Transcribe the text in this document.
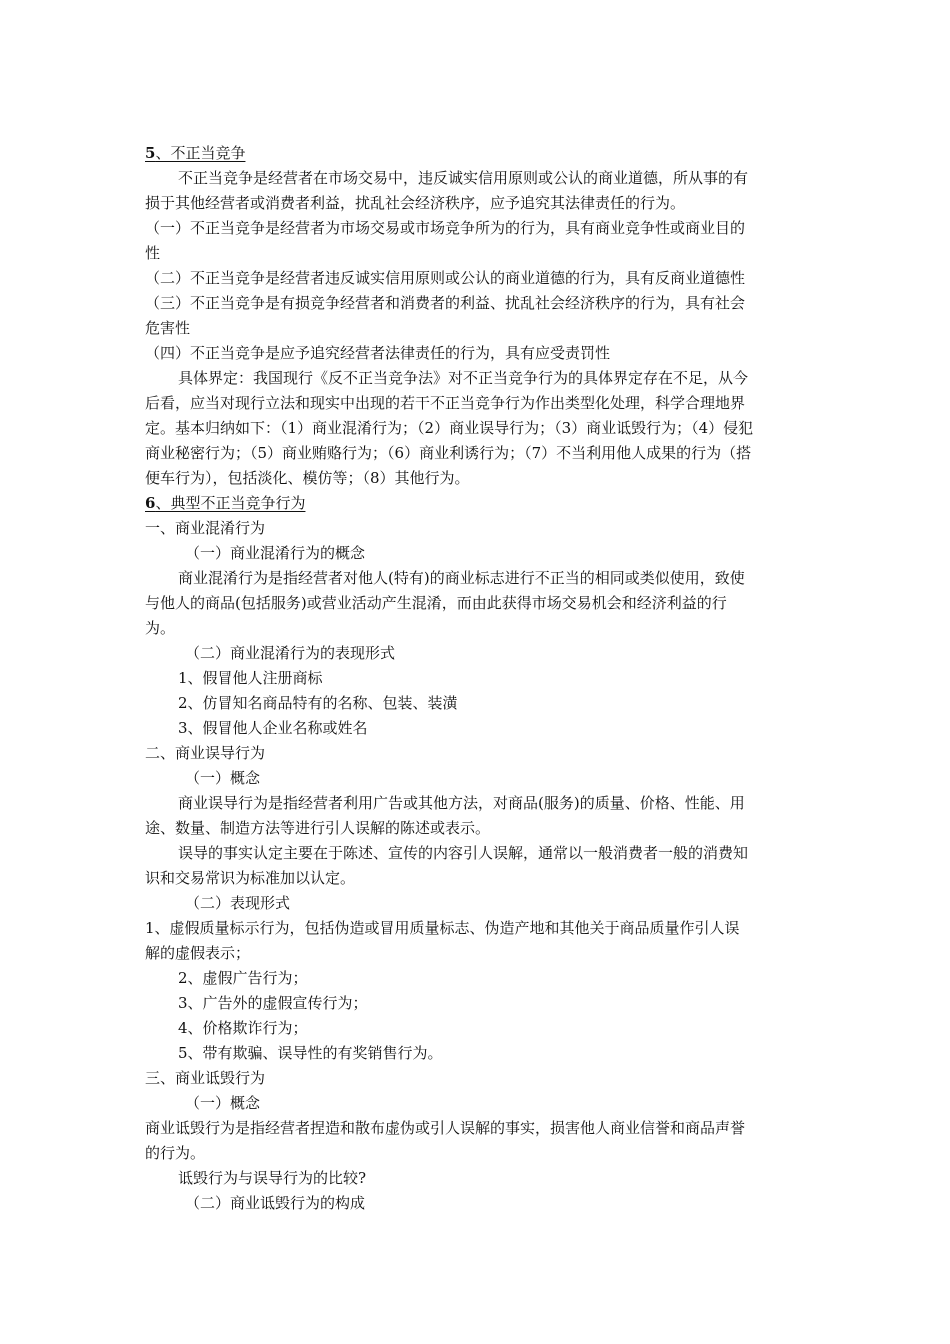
5、不正当竞争
不正当竞争是经营者在市场交易中，违反诚实信用原则或公认的商业道德，所从事的有
损于其他经营者或消费者利益，扰乱社会经济秩序，应予追究其法律责任的行为。
（一）不正当竞争是经营者为市场交易或市场竞争所为的行为，具有商业竞争性或商业目的
性
（二）不正当竞争是经营者违反诚实信用原则或公认的商业道德的行为，具有反商业道德性
（三）不正当竞争是有损竞争经营者和消费者的利益、扰乱社会经济秩序的行为，具有社会
危害性
（四）不正当竞争是应予追究经营者法律责任的行为，具有应受责罚性
具体界定：我国现行《反不正当竞争法》对不正当竞争行为的具体界定存在不足，从今
后看，应当对现行立法和现实中出现的若干不正当竞争行为作出类型化处理，科学合理地界
定。基本归纳如下：（1）商业混淆行为；（2）商业误导行为；（3）商业诋毁行为；（4）侵犯
商业秘密行为；（5）商业贿赂行为；（6）商业利诱行为；（7）不当利用他人成果的行为（搭
便车行为），包括淡化、模仿等；（8）其他行为。
6、典型不正当竞争行为
一、商业混淆行为
（一）商业混淆行为的概念
商业混淆行为是指经营者对他人(特有)的商业标志进行不正当的相同或类似使用，致使
与他人的商品(包括服务)或营业活动产生混淆，而由此获得市场交易机会和经济利益的行
为。
（二）商业混淆行为的表现形式
1、假冒他人注册商标
2、仿冒知名商品特有的名称、包装、装潢
3、假冒他人企业名称或姓名
二、商业误导行为
（一）概念
商业误导行为是指经营者利用广告或其他方法，对商品(服务)的质量、价格、性能、用
途、数量、制造方法等进行引人误解的陈述或表示。
误导的事实认定主要在于陈述、宣传的内容引人误解，通常以一般消费者一般的消费知
识和交易常识为标准加以认定。
（二）表现形式
1、虚假质量标示行为，包括伪造或冒用质量标志、伪造产地和其他关于商品质量作引人误
解的虚假表示；
2、虚假广告行为；
3、广告外的虚假宣传行为；
4、价格欺诈行为；
5、带有欺骗、误导性的有奖销售行为。
三、商业诋毁行为
（一）概念
商业诋毁行为是指经营者捏造和散布虚伪或引人误解的事实，损害他人商业信誉和商品声誉
的行为。
诋毁行为与误导行为的比较?
（二）商业诋毁行为的构成
